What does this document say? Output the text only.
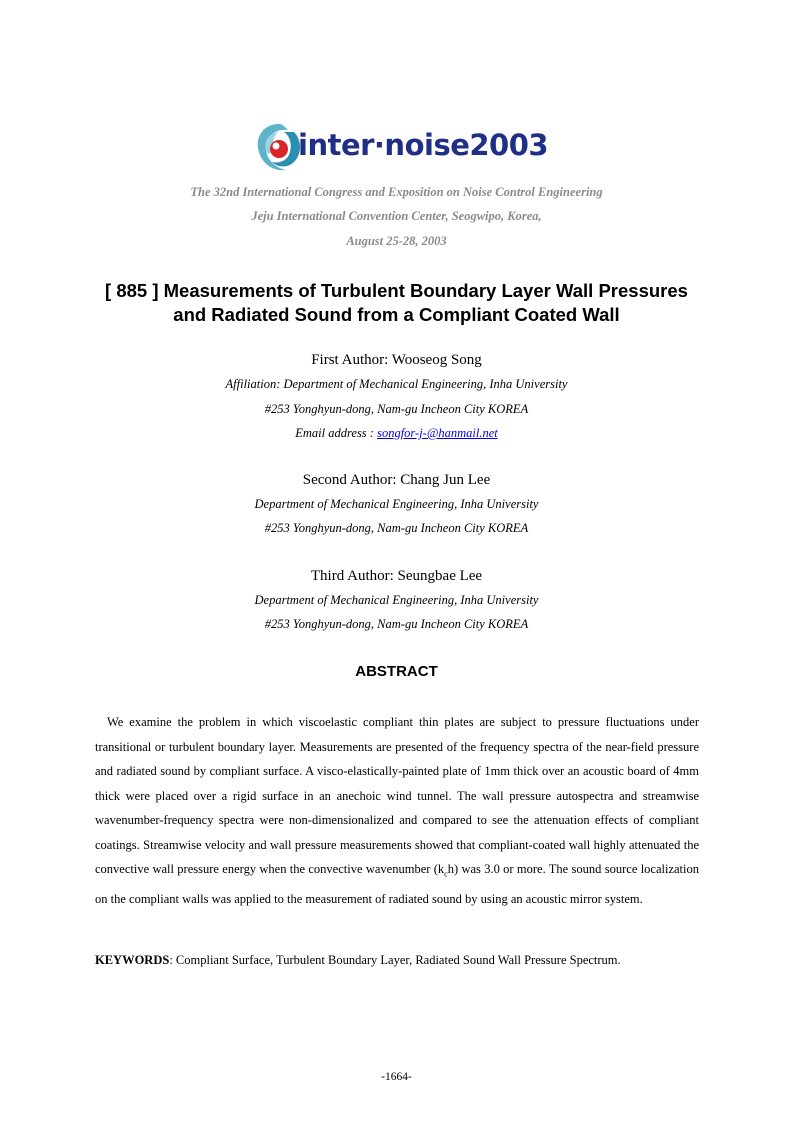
inter·noise2003
The 32nd International Congress and Exposition on Noise Control Engineering
Jeju International Convention Center, Seogwipo, Korea,
August 25-28, 2003
[ 885 ] Measurements of Turbulent Boundary Layer Wall Pressures
and Radiated Sound from a Compliant Coated Wall
First Author: Wooseog Song
Affiliation: Department of Mechanical Engineering, Inha University
#253 Yonghyun-dong, Nam-gu Incheon City KOREA
Email address : songfor-j-@hanmail.net
Second Author: Chang Jun Lee
Department of Mechanical Engineering, Inha University
#253 Yonghyun-dong, Nam-gu Incheon City KOREA
Third Author: Seungbae Lee
Department of Mechanical Engineering, Inha University
#253 Yonghyun-dong, Nam-gu Incheon City KOREA
ABSTRACT

We examine the problem in which viscoelastic compliant thin plates are subject to pressure fluctuations under transitional or turbulent boundary layer. Measurements are presented of the frequency spectra of the near-field pressure and radiated sound by compliant surface. A visco-elastically-painted plate of 1mm thick over an acoustic board of 4mm thick were placed over a rigid surface in an anechoic wind tunnel. The wall pressure autospectra and streamwise wavenumber-frequency spectra were non-dimensionalized and compared to see the attenuation effects of compliant coatings. Streamwise velocity and wall pressure measurements showed that compliant-coated wall highly attenuated the convective wall pressure energy when the convective wavenumber $(k_ch)$ was 3.0 or more. The sound source localization on the compliant walls was applied to the measurement of radiated sound by using an acoustic mirror system.

KEYWORDS: Compliant Surface, Turbulent Boundary Layer, Radiated Sound Wall Pressure Spectrum.

-1664-
